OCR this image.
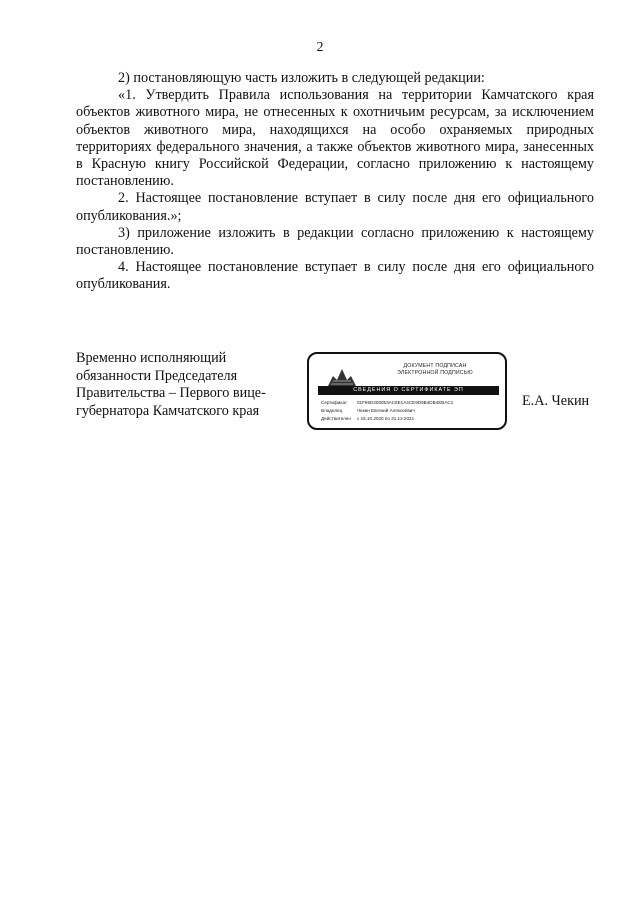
2

2) постановляющую часть изложить в следующей редакции:

«1. Утвердить Правила использования на территории Камчатского края объектов животного мира, не отнесенных к охотничьим ресурсам, за исключением объектов животного мира, находящихся на особо охраняемых природных территориях федерального значения, а также объектов животного мира, занесенных в Красную книгу Российской Федерации, согласно приложению к настоящему постановлению.

2. Настоящее постановление вступает в силу после дня его официального опубликования.»;

3) приложение изложить в редакции согласно приложению к настоящему постановлению.

4. Настоящее постановление вступает в силу после дня его официального опубликования.

Временно исполняющий
обязанности Председателя
Правительства – Первого вице-
губернатора Камчатского края
ДОКУМЕНТ ПОДПИСАН
ЭЛЕКТРОННОЙ ПОДПИСЬЮ
СВЕДЕНИЯ О СЕРТИФИКАТЕ ЭП
Сертификат 01F95D200053AC8E1A4CE9D9B4DB4EBAC1
Владелец	Чекин Евгений Алексеевич
Действителен с 15.10.2020 по 31.12.2021
Е.А. Чекин
